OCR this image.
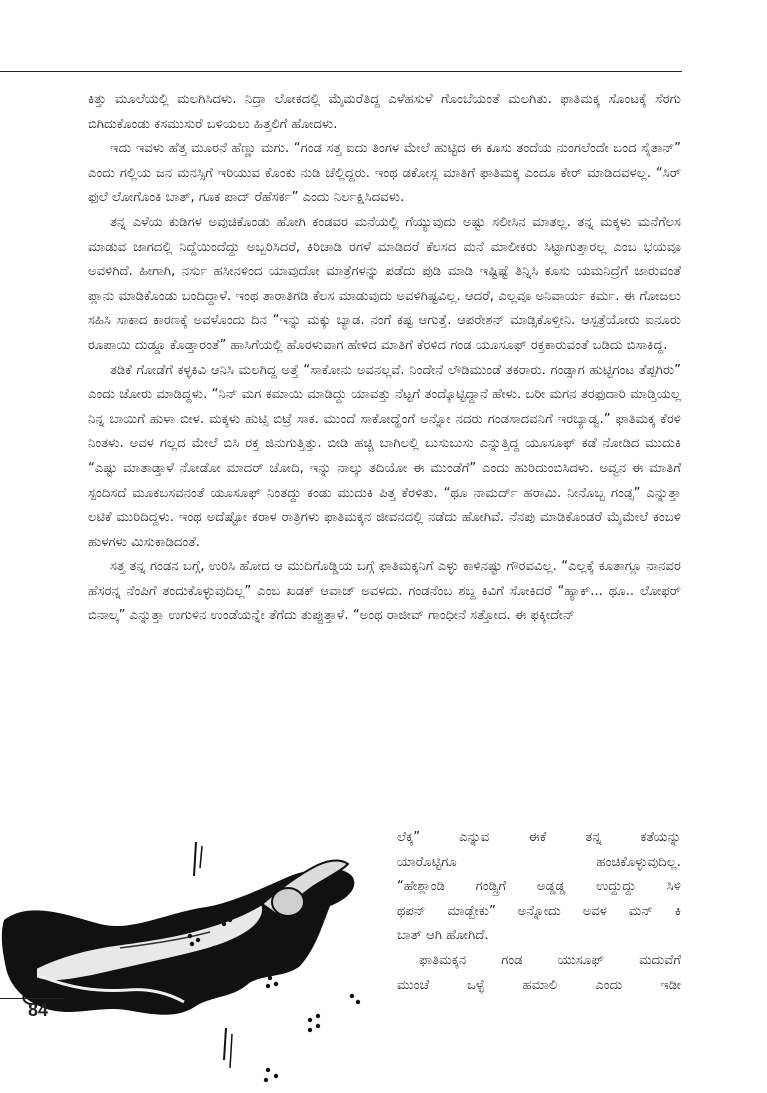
ಕಿತ್ತು ಮೂಲೆಯಲ್ಲಿ ಮಲಗಿಸಿದಳು. ನಿದ್ರಾ ಲೋಕದಲ್ಲಿ ಮೈಮರೆತಿದ್ದ ಎಳೆಹಸುಳೆ ಗೊಂಬೆಯಂತೆ ಮಲಗಿತು. ಫಾತಿಮಕ್ಕ ಸೊಂಟಕ್ಕೆ ಸೆರಗು ಬಿಗಿದುಕೊಂಡು ಕಸಮುಸುರೆ ಬಳಿಯಲು ಹಿತ್ತಲಿಗೆ ಹೋದಳು.

ಇದು ಇವಳು ಹೆತ್ತ ಮೂರನೆ ಹೆಣ್ಣು ಮಗು. “ಗಂಡ ಸತ್ತ ಐದು ತಿಂಗಳ ಮೇಲೆ ಹುಟ್ಟಿದ ಈ ಕೂಸು ತಂದೆಯ ನುಂಗಲೆಂದೇ ಬಂದ ಸೈತಾನ್” ಎಂದು ಗಲ್ಲಿಯ ಜನ ಮನಸ್ಸಿಗೆ ಇರಿಯುವ ಕೊಂಕು ನುಡಿ ಚೆಲ್ಲಿದ್ದರು. ಇಂಥ ಡಕೋಸ್ಲ ಮಾತಿಗೆ ಫಾತಿಮಕ್ಕ ಎಂದೂ ಕೇರ್ ಮಾಡಿದವಳಲ್ಲ. “ಸಿರ್ ಫುಲೆ ಲೋಗೊಂಕಿ ಬಾತ್, ಗೂಕ ಪಾದ್ ರೆಹೆಸರ್ಕ” ಎಂದು ನಿರ್ಲಕ್ಷಿಸಿದವಳು.

ತನ್ನ ಎಳೆಯ ಕುಡಿಗಳ ಅವುಚಿಕೊಂಡು ಹೋಗಿ ಕಂಡವರ ಮನೆಯಲ್ಲಿ ಗೆಯ್ಯುವುದು ಅಷ್ಟು ಸಲೀಸಿನ ಮಾತಲ್ಲ. ತನ್ನ ಮಕ್ಕಳು ಮನೆಗೆಲಸ ಮಾಡುವ ಜಾಗದಲ್ಲಿ ನಿದ್ದೆಯಿಂದೆದ್ದು ಅಬ್ಬರಿಸಿದರೆ, ಕಿರಿಚಾಡಿ ರಗಳೆ ಮಾಡಿದರೆ ಕೆಲಸದ ಮನೆ ಮಾಲೀಕರು ಸಿಟ್ಟಾಗುತ್ತಾರಲ್ಲ ಎಂಬ ಭಯವೂ ಅವಳಿಗಿದೆ. ಹೀಗಾಗಿ, ನರ್ಸು ಹಸೀನಳಿಂದ ಯಾವುದೋ ಮಾತ್ರೆಗಳನ್ನು ಪಡೆದು ಪುಡಿ ಮಾಡಿ ಇಷ್ಟಿಷ್ಟೆ ತಿನ್ನಿಸಿ ಕೂಸು ಯಮನಿದ್ರೆಗೆ ಜಾರುವಂತೆ ಪ್ಲಾನು ಮಾಡಿಕೊಂಡು ಬಂದಿದ್ದಾಳೆ. ಇಂಥ ತಾರಾತಿಗಡಿ ಕೆಲಸ ಮಾಡುವುದು ಅವಳಿಗಿಷ್ಟವಿಲ್ಲ. ಆದರೆ, ಎಲ್ಲವೂ ಅನಿವಾರ್ಯ ಕರ್ಮ. ಈ ಗೋಜಲು ಸಹಿಸಿ ಸಾಕಾದ ಕಾರಣಕ್ಕೆ ಅವಳೊಂದು ದಿನ “ಇನ್ನು ಮಕ್ಕು ಬ್ಯಾಡ. ನಂಗೆ ಕಷ್ಟ ಆಗುತ್ತೆ. ಆಪರೇಶನ್ ಮಾಡ್ಸಿಕೊಳ್ತೀನಿ. ಆಸ್ಪತ್ರೆಯೋರು ಐನೂರು ರೂಪಾಯಿ ದುಡ್ಡೂ ಕೊಡ್ತಾರಂತೆ” ಹಾಸಿಗೆಯಲ್ಲಿ ಹೊರಳುವಾಗ ಹೇಳಿದ ಮಾತಿಗೆ ಕೆರಳಿದ ಗಂಡ ಯೂಸೂಫ್ ರಕ್ತಕಾರುವಂತೆ ಬಡಿದು ಬಿಸಾಕಿದ್ದ.

ತಡಿಕೆ ಗೋಡೆಗೆ ಕಳ್ಳಕಿವಿ ಆನಿಸಿ ಮಲಗಿದ್ದ ಅತ್ತೆ “ಸಾಕೋನು ಅವನಲ್ಲವೆ. ನಿಂದೇನೆ ಲೌಡಿಮುಂಡೆ ತಕರಾರು. ಗಂಡ್ಸಾಗ ಹುಟ್ಟಿಗಂಟ ತೆಪ್ಪಗಿರು” ಎಂದು ಜೋರು ಮಾಡಿದ್ದಳು. “ನಿನ್ ಮಗ ಕಮಾಯಿ ಮಾಡಿದ್ದು ಯಾವತ್ತು ನೆಟ್ಟಗೆ ತಂದ್ಕೊಟ್ಟಿದ್ದಾನೆ ಹೇಳು. ಬರೀ ಮಗನ ತರಫುದಾರಿ ಮಾಡ್ತಿಯಲ್ಲ ನಿನ್ನ ಬಾಯಿಗೆ ಹುಳಾ ಬೀಳ. ಮಕ್ಕಳು ಹುಟ್ಸಿ ಬಿಟ್ರೆ ಸಾಕ. ಮುಂದೆ ಸಾಕೋದ್ಹೆಂಗೆ ಅನ್ನೋ ನದರು ಗಂಡಸಾದವನಿಗೆ ಇರಬ್ಯಾಡ್ವ.” ಫಾತಿಮಕ್ಕ ಕೆರಳಿ ನಿಂತಳು. ಅವಳ ಗಲ್ಲದ ಮೇಲೆ ಬಿಸಿ ರಕ್ತ ಜಿನುಗುತ್ತಿತ್ತು. ಬೀಡಿ ಹಚ್ಚಿ ಬಾಗಿಲಲ್ಲಿ ಬುಸುಬುಸು ಎನ್ನುತ್ತಿದ್ದ ಯೂಸೂಫ್ ಕಡೆ ನೋಡಿದ ಮುದುಕಿ “ಎಷ್ಟು ಮಾತಾಡ್ತಾಳೆ ನೋಡೋ ಮಾದರ್ ಚೋದಿ, ಇನ್ನು ನಾಲ್ಕು ತದಿಯೋ ಈ ಮುಂಡೆಗೆ” ಎಂದು ಹುರಿದುಂಬಿಸಿದಳು. ಅವ್ವನ ಈ ಮಾತಿಗೆ ಸ್ಪಂದಿಸದೆ ಮೂಕಬಸವನಂತೆ ಯೂಸೂಫ್ ನಿಂತದ್ದು ಕಂಡು ಮುದುಕಿ ಪಿತ್ತ ಕೆರಳಿತು. “ಥೂ ನಾಮರ್ದ್ ಹರಾಮಿ. ನೀನೊಬ್ಬ ಗಂಡ್ಸ” ಎನ್ನುತ್ತಾ ಲಟಿಕೆ ಮುರಿದಿದ್ದಳು. ಇಂಥ ಅದೆಷ್ಟೋ ಕರಾಳ ರಾತ್ರಿಗಳು ಫಾತಿಮಕ್ಕನ ಜೀವನದಲ್ಲಿ ನಡೆದು ಹೋಗಿವೆ. ನೆನಪು ಮಾಡಿಕೊಂಡರೆ ಮೈಮೇಲೆ ಕಂಬಳಿ ಹುಳಗಳು ಮಿಸುಕಾಡಿದಂತೆ.

ಸತ್ತ ತನ್ನ ಗಂಡನ ಬಗ್ಗೆ, ಉರಿಸಿ ಹೋದ ಆ ಮುದಿಗೊಡ್ಡಿಯ ಬಗ್ಗೆ ಫಾತಿಮಕ್ಕನಿಗೆ ಎಳ್ಳು ಕಾಳಿನಷ್ಟು ಗೌರವವಿಲ್ಲ. “ಎಲ್ಲಕ್ಕೆ ಕೂತಾಗ್ಲೂ ನಾನವರ ಹೆಸರನ್ನ ನೆಂಪಿಗೆ ತಂದುಕೊಳ್ಳುವುದಿಲ್ಲ” ಎಂಬ ಖಡಕ್ ಆವಾಜ್ ಅವಳದು. ಗಂಡನೆಂಬ ಶಬ್ದ ಕಿವಿಗೆ ಸೋಕಿದರೆ “ಹ್ಯಾಕ್... ಥೂ.. ಲೋಫರ್ ಬಿನಾಲ್ಕ” ಎನ್ನುತ್ತಾ ಉಗುಳಿನ ಉಂಡೆಯನ್ನೇ ತೆಗೆದು ತುಪ್ಪುತ್ತಾಳೆ. “ಅಂಥ ರಾಜೀವ್ ಗಾಂಧೀನೆ ಸತ್ತೋದ. ಈ ಫಕ್ಕೀದೇನ್

ಲೆಕ್ಕ” ಎನ್ನುವ ಈಕೆ ತನ್ನ ಕತೆಯನ್ನು
ಯಾರೊಟ್ಟಿಗೂ ಹಂಚಿಕೊಳ್ಳುವುದಿಲ್ಲ.
“ಹೇಶ್ಲಾಂಡಿ ಗಂಡ್ಸ್ರಿಗೆ ಅಡ್ಡಡ್ಡ ಉದ್ದುದ್ದು ಸಿಳಿ
ಥಪನ್ ಮಾಡ್ಬೇಕು” ಅನ್ನೋದು ಅವಳ ಮನ್ ಕಿ
ಬಾತ್ ಆಗಿ ಹೋಗಿದೆ.
ಫಾತಿಮಕ್ಕನ ಗಂಡ ಯುಸೂಫ್ ಮದುವೆಗೆ
ಮುಂಚೆ ಒಳ್ಳೆ ಹಮಾಲಿ ಎಂದು ಇಡೀ
84
